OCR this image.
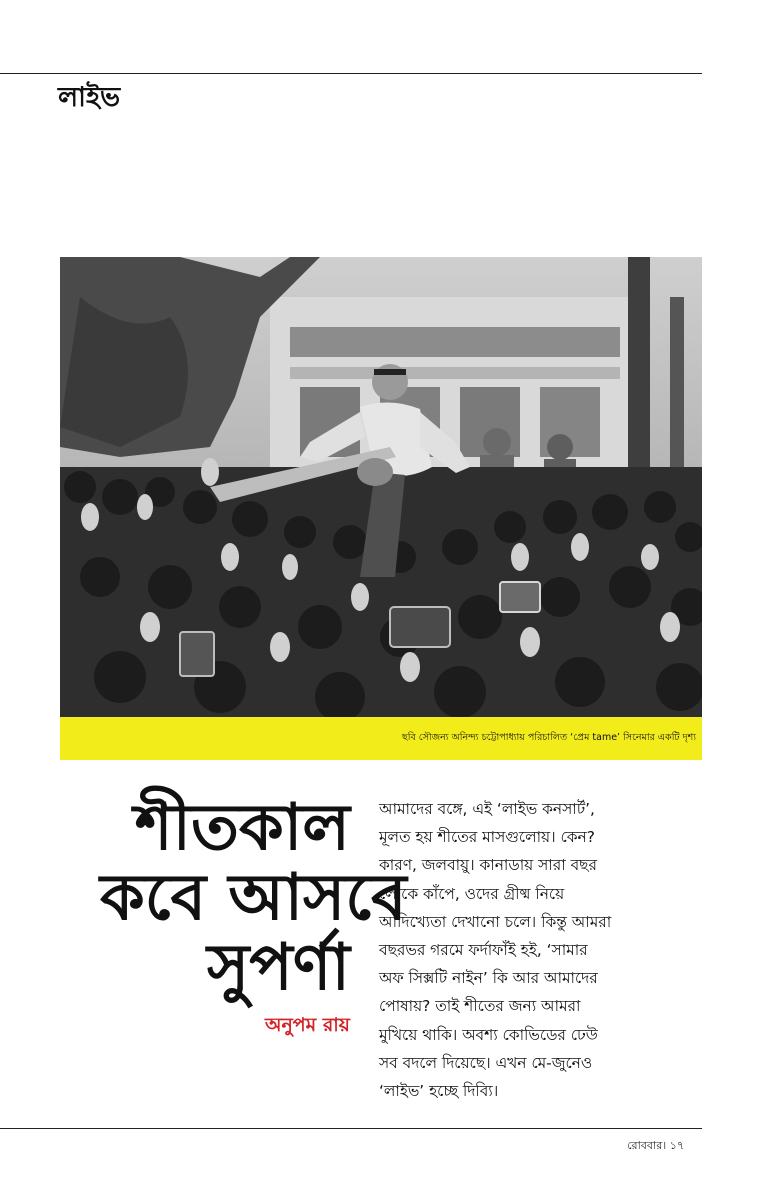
লাইভ
ছবি সৌজন্য অনিন্দ্য চট্টোপাধ্যায় পরিচালিত ‘প্রেম tame’ সিনেমার একটি দৃশ্য
শীতকাল
কবে আসবে
সুপর্ণা
অনুপম রায়
আমাদের বঙ্গে, এই ‘লাইভ কনসার্ট’,
মূলত হয় শীতের মাসগুলোয়। কেন?
কারণ, জলবায়ু। কানাডায় সারা বছর
লোকে কাঁপে, ওদের গ্রীষ্ম নিয়ে
আদিখ্যেতা দেখানো চলে। কিন্তু আমরা
বছরভর গরমে ফর্দাফাঁই হই, ‘সামার
অফ সিক্সটি নাইন’ কি আর আমাদের
পোষায়? তাই শীতের জন্য আমরা
মুখিয়ে থাকি। অবশ্য কোভিডের ঢেউ
সব বদলে দিয়েছে। এখন মে-জুনেও
‘লাইভ’ হচ্ছে দিব্যি।
রোববার। ১৭
